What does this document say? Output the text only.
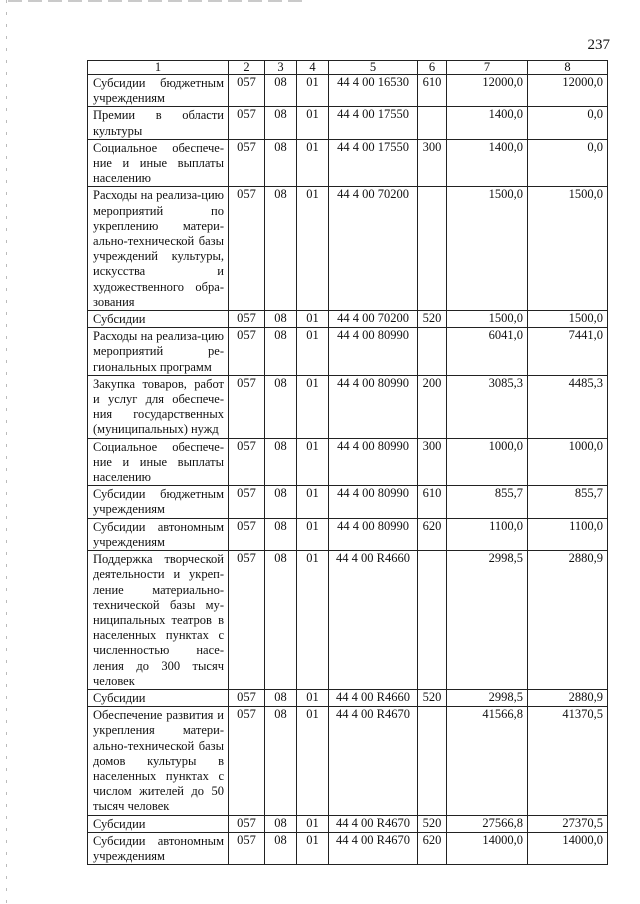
237
1	2	3	4	5	6	7	8
Субсидии бюджетным учреждениям	057	08	01	44 4 00 16530	610	12000,0	12000,0
Премии в области культуры	057	08	01	44 4 00 17550		1400,0	0,0
Социальное обеспече-ние и иные выплаты населению	057	08	01	44 4 00 17550	300	1400,0	0,0
Расходы на реализа-цию мероприятий по укреплению матери-ально-технической базы учреждений культуры, искусства и художественного обра-зования	057	08	01	44 4 00 70200		1500,0	1500,0
Субсидии	057	08	01	44 4 00 70200	520	1500,0	1500,0
Расходы на реализа-цию мероприятий ре-гиональных программ	057	08	01	44 4 00 80990		6041,0	7441,0
Закупка товаров, работ и услуг для обеспече-ния государственных (муниципальных) нужд	057	08	01	44 4 00 80990	200	3085,3	4485,3
Социальное обеспече-ние и иные выплаты населению	057	08	01	44 4 00 80990	300	1000,0	1000,0
Субсидии бюджетным учреждениям	057	08	01	44 4 00 80990	610	855,7	855,7
Субсидии автономным учреждениям	057	08	01	44 4 00 80990	620	1100,0	1100,0
Поддержка творческой деятельности и укреп-ление материально-технической базы му-ниципальных театров в населенных пунктах с численностью насе-ления до 300 тысяч человек	057	08	01	44 4 00 R4660		2998,5	2880,9
Субсидии	057	08	01	44 4 00 R4660	520	2998,5	2880,9
Обеспечение развития и укрепления матери-ально-технической базы домов культуры в населенных пунктах с числом жителей до 50 тысяч человек	057	08	01	44 4 00 R4670		41566,8	41370,5
Субсидии	057	08	01	44 4 00 R4670	520	27566,8	27370,5
Субсидии автономным учреждениям	057	08	01	44 4 00 R4670	620	14000,0	14000,0
